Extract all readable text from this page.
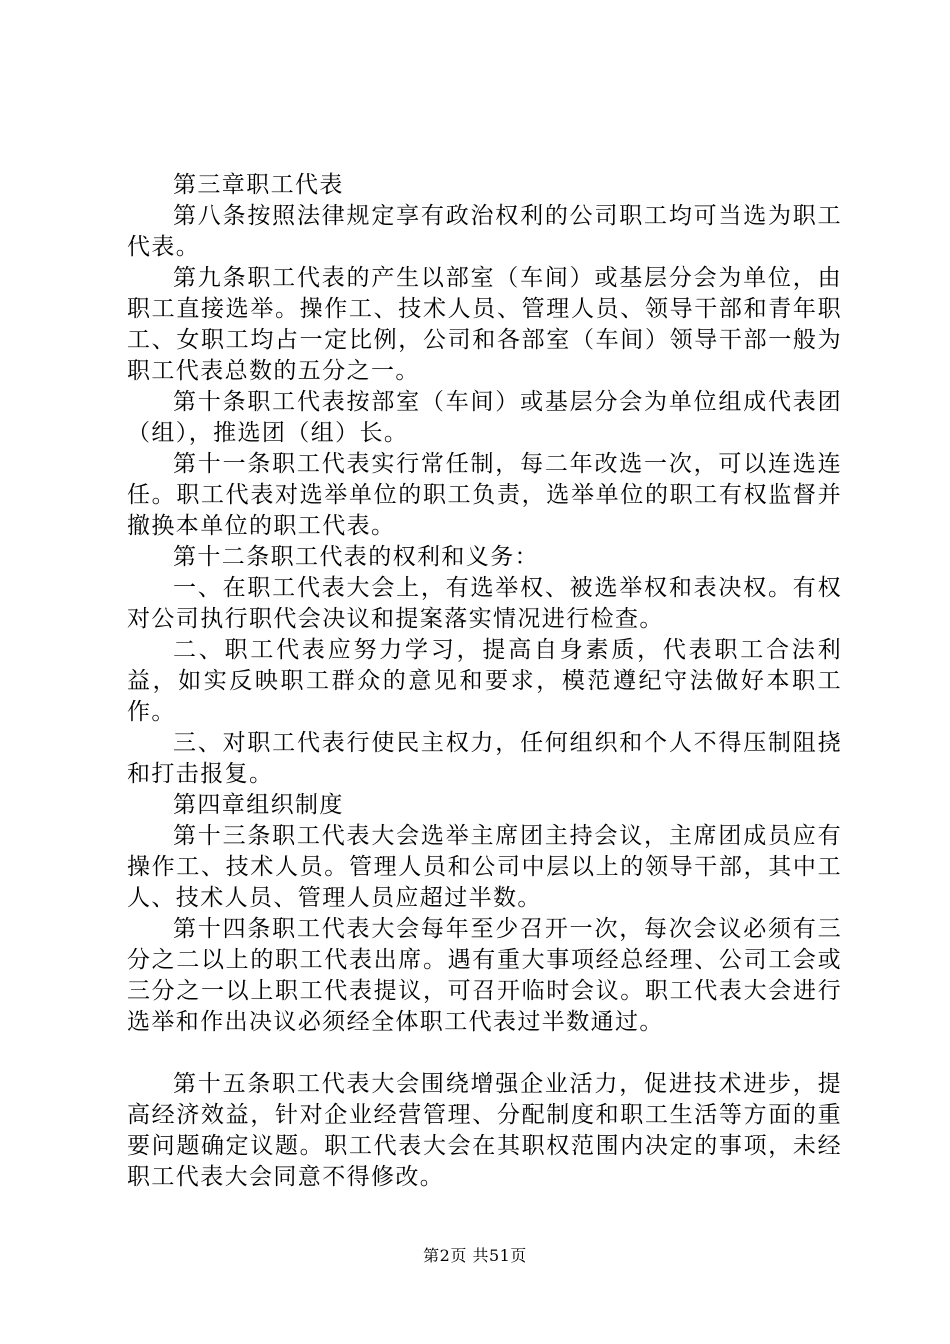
第三章职工代表

第八条按照法律规定享有政治权利的公司职工均可当选为职工代表。

第九条职工代表的产生以部室（车间）或基层分会为单位，由职工直接选举。操作工、技术人员、管理人员、领导干部和青年职工、女职工均占一定比例，公司和各部室（车间）领导干部一般为职工代表总数的五分之一。

第十条职工代表按部室（车间）或基层分会为单位组成代表团（组），推选团（组）长。

第十一条职工代表实行常任制，每二年改选一次，可以连选连任。职工代表对选举单位的职工负责，选举单位的职工有权监督并撤换本单位的职工代表。

第十二条职工代表的权利和义务：

一、在职工代表大会上，有选举权、被选举权和表决权。有权对公司执行职代会决议和提案落实情况进行检查。

二、职工代表应努力学习，提高自身素质，代表职工合法利益，如实反映职工群众的意见和要求，模范遵纪守法做好本职工作。

三、对职工代表行使民主权力，任何组织和个人不得压制阻挠和打击报复。

第四章组织制度

第十三条职工代表大会选举主席团主持会议，主席团成员应有操作工、技术人员。管理人员和公司中层以上的领导干部，其中工人、技术人员、管理人员应超过半数。

第十四条职工代表大会每年至少召开一次，每次会议必须有三分之二以上的职工代表出席。遇有重大事项经总经理、公司工会或三分之一以上职工代表提议，可召开临时会议。职工代表大会进行选举和作出决议必须经全体职工代表过半数通过。

第十五条职工代表大会围绕增强企业活力，促进技术进步，提高经济效益，针对企业经营管理、分配制度和职工生活等方面的重要问题确定议题。职工代表大会在其职权范围内决定的事项，未经职工代表大会同意不得修改。

第2页 共51页
